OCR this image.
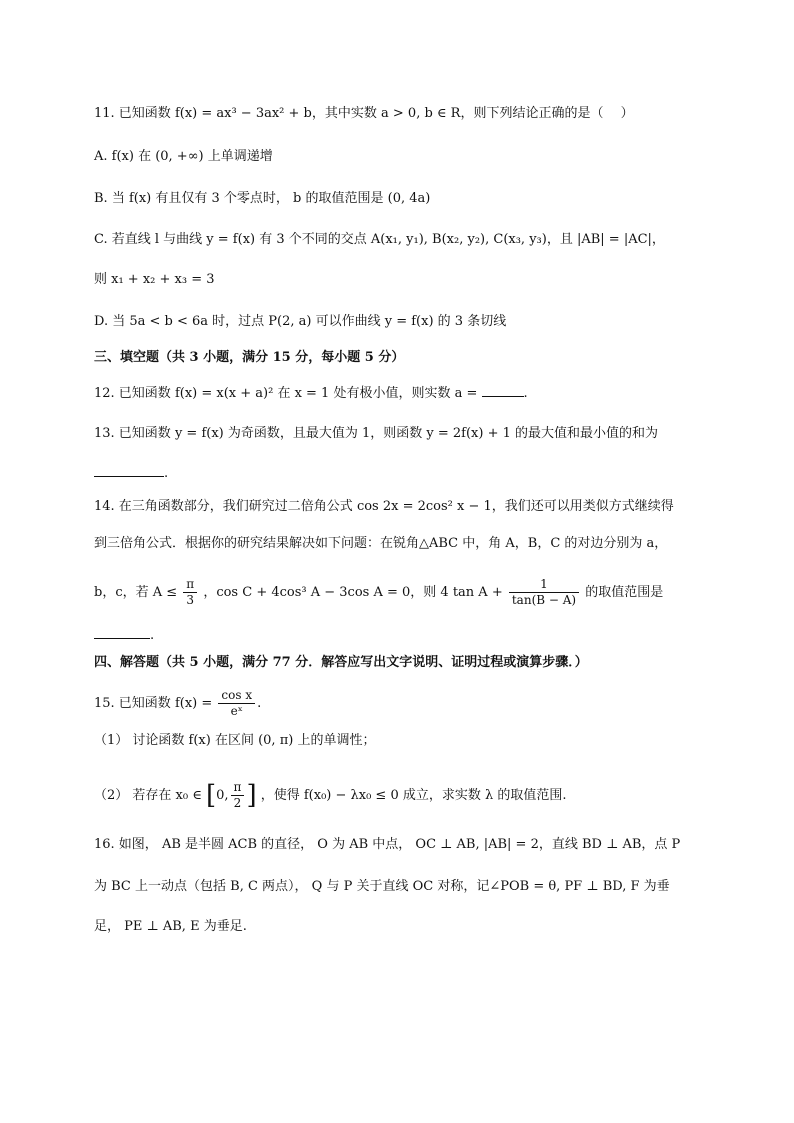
11. 已知函数 f(x) = ax³ − 3ax² + b，其中实数 a > 0, b ∈ R，则下列结论正确的是（　 ）
A. f(x) 在 (0, +∞) 上单调递增
B. 当 f(x) 有且仅有 3 个零点时， b 的取值范围是 (0, 4a)
C. 若直线 l 与曲线 y = f(x) 有 3 个不同的交点 A(x₁, y₁), B(x₂, y₂), C(x₃, y₃)，且 |AB| = |AC|，
则 x₁ + x₂ + x₃ = 3
D. 当 5a < b < 6a 时，过点 P(2, a) 可以作曲线 y = f(x) 的 3 条切线
三、填空题（共 3 小题，满分 15 分，每小题 5 分）
12. 已知函数 f(x) = x(x + a)² 在 x = 1 处有极小值，则实数 a =	.
13. 已知函数 y = f(x) 为奇函数，且最大值为 1，则函数 y = 2f(x) + 1 的最大值和最小值的和为
.
14. 在三角函数部分，我们研究过二倍角公式 cos 2x = 2cos² x − 1，我们还可以用类似方式继续得
到三倍角公式．根据你的研究结果解决如下问题：在锐角△ABC 中，角 A，B，C 的对边分别为 a，
b，c，若 $A \le \frac{\pi}{3}$ ，cos C + 4cos³ A − 3cos A = 0，则 4 $\tan A + \frac{1}{\tan(B - A)}$ 的取值范围是
.
四、解答题（共 5 小题，满分 77 分．解答应写出文字说明、证明过程或演算步骤．）
15. 已知函数 $f(x) = \frac{\text{cos x}}{\text{eˣ}}$ .
（1） 讨论函数 f(x) 在区间 (0, π) 上的单调性；
（2） 若存在 x₀ ∈ [0, $\frac{\pi}{2}$ ] ，使得 f(x₀) − λx₀ ≤ 0 成立，求实数 λ 的取值范围.
16. 如图， AB 是半圆 ACB 的直径， O 为 AB 中点， OC ⊥ AB, |AB| = 2，直线 BD ⊥ AB，点 P
为 BC 上一动点（包括 B, C 两点）， Q 与 P 关于直线 OC 对称，记∠POB = θ, PF ⊥ BD, F 为垂
足， PE ⊥ AB, E 为垂足.
